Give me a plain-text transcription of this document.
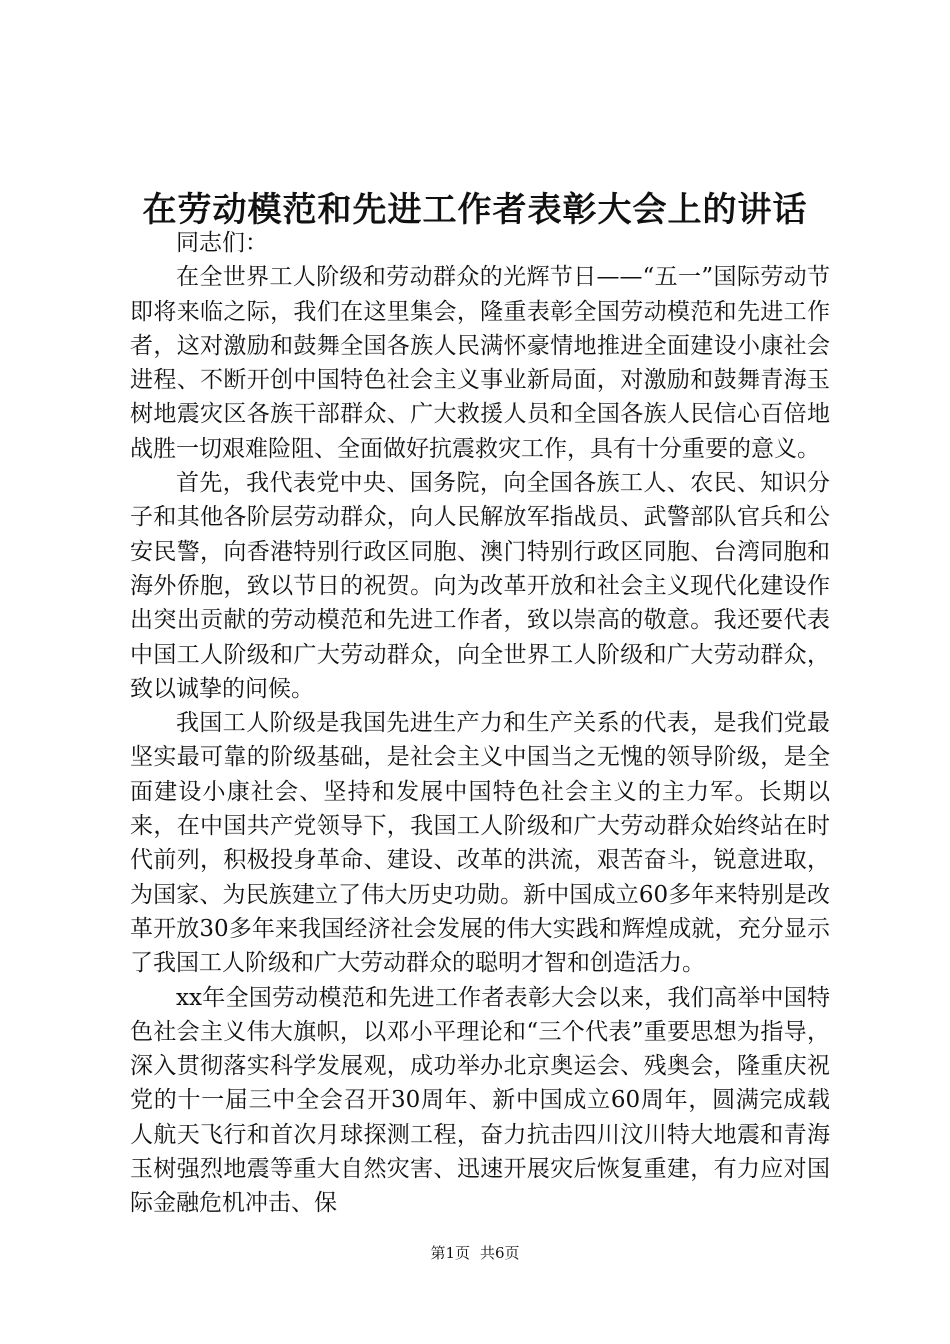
在劳动模范和先进工作者表彰大会上的讲话

同志们：

在全世界工人阶级和劳动群众的光辉节日——“五一”国际劳动节即将来临之际，我们在这里集会，隆重表彰全国劳动模范和先进工作者，这对激励和鼓舞全国各族人民满怀豪情地推进全面建设小康社会进程、不断开创中国特色社会主义事业新局面，对激励和鼓舞青海玉树地震灾区各族干部群众、广大救援人员和全国各族人民信心百倍地战胜一切艰难险阻、全面做好抗震救灾工作，具有十分重要的意义。

首先，我代表党中央、国务院，向全国各族工人、农民、知识分子和其他各阶层劳动群众，向人民解放军指战员、武警部队官兵和公安民警，向香港特别行政区同胞、澳门特别行政区同胞、台湾同胞和海外侨胞，致以节日的祝贺。向为改革开放和社会主义现代化建设作出突出贡献的劳动模范和先进工作者，致以崇高的敬意。我还要代表中国工人阶级和广大劳动群众，向全世界工人阶级和广大劳动群众，致以诚挚的问候。

我国工人阶级是我国先进生产力和生产关系的代表，是我们党最坚实最可靠的阶级基础，是社会主义中国当之无愧的领导阶级，是全面建设小康社会、坚持和发展中国特色社会主义的主力军。长期以来，在中国共产党领导下，我国工人阶级和广大劳动群众始终站在时代前列，积极投身革命、建设、改革的洪流，艰苦奋斗，锐意进取，为国家、为民族建立了伟大历史功勋。新中国成立60多年来特别是改革开放30多年来我国经济社会发展的伟大实践和辉煌成就，充分显示了我国工人阶级和广大劳动群众的聪明才智和创造活力。

xx年全国劳动模范和先进工作者表彰大会以来，我们高举中国特色社会主义伟大旗帜，以邓小平理论和“三个代表”重要思想为指导，深入贯彻落实科学发展观，成功举办北京奥运会、残奥会，隆重庆祝党的十一届三中全会召开30周年、新中国成立60周年，圆满完成载人航天飞行和首次月球探测工程，奋力抗击四川汶川特大地震和青海玉树强烈地震等重大自然灾害、迅速开展灾后恢复重建，有力应对国际金融危机冲击、保

第1页 共6页
